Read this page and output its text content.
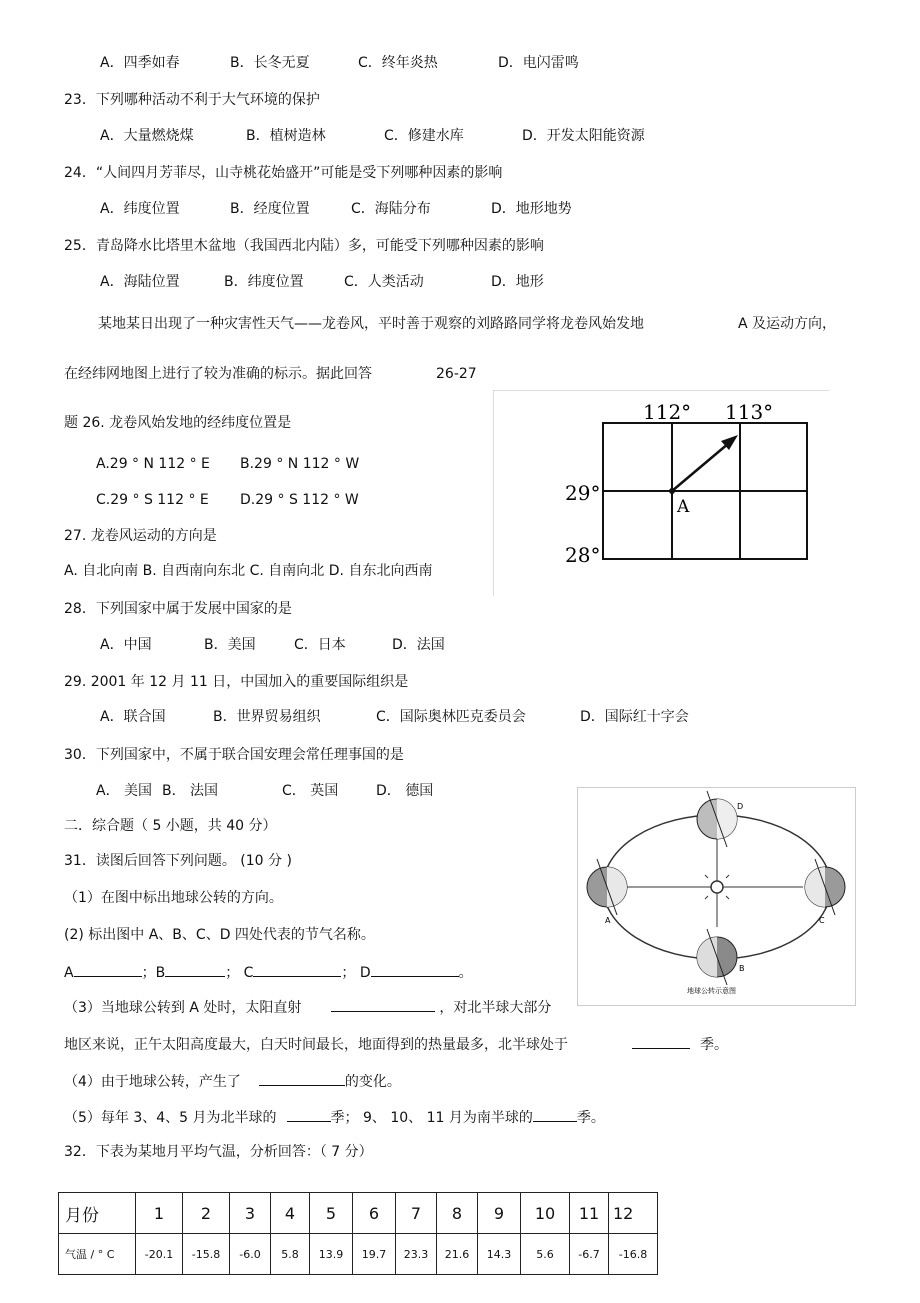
A．四季如春	B．长冬无夏	C．终年炎热	D．电闪雷鸣
23．下列哪种活动不利于大气环境的保护
A．大量燃烧煤	B．植树造林	C．修建水库	D．开发太阳能资源
24．“人间四月芳菲尽，山寺桃花始盛开”可能是受下列哪种因素的影响
A．纬度位置	B．经度位置	C．海陆分布	D．地形地势
25．青岛降水比塔里木盆地（我国西北内陆）多，可能受下列哪种因素的影响
A．海陆位置	B．纬度位置	C．人类活动	D．地形
某地某日出现了一种灾害性天气——龙卷风，平时善于观察的刘路路同学将龙卷风始发地	A 及运动方向，
在经纬网地图上进行了较为准确的标示。据此回答	26-27
题 26. 龙卷风始发地的经纬度位置是
A.29 ° N 112 ° E B.29 ° N 112 ° W
C.29 ° S 112 ° E D.29 ° S 112 ° W
27. 龙卷风运动的方向是
A. 自北向南 B. 自西南向东北 C. 自南向北 D. 自东北向西南
112° 113°
29°
28°
A
28．下列国家中属于发展中国家的是
A．中国	B．美国	C．日本	D．法国
29. 2001 年 12 月 11 日，中国加入的重要国际组织是
A．联合国	B．世界贸易组织	C．国际奥林匹克委员会	D．国际红十字会
30．下列国家中，不属于联合国安理会常任理事国的是
A． 美国 B． 法国	C． 英国	D． 德国
二．综合题（ 5 小题，共 40 分）
31．读图后回答下列问题。 (10 分 )
（1）在图中标出地球公转的方向。
(2) 标出图中 A、B、C、D 四处代表的节气名称。
A	；B	； C	； D	。
（3）当地球公转到 A 处时，太阳直射	，对北半球大部分
地区来说，正午太阳高度最大，白天时间最长，地面得到的热量最多，北半球处于	季。
（4）由于地球公转，产生了	的变化。
（5）每年 3、4、5 月为北半球的	季； 9、 10、 11 月为南半球的	季。
A
B
C
D
地球公转示意图
32．下表为某地月平均气温，分析回答：（ 7 分）
月份	1	2	3	4	5	6	7	8	9	10	11	12
气温 / ° C	-20.1	-15.8	-6.0	5.8	13.9	19.7	23.3	21.6	14.3	5.6	-6.7	-16.8
